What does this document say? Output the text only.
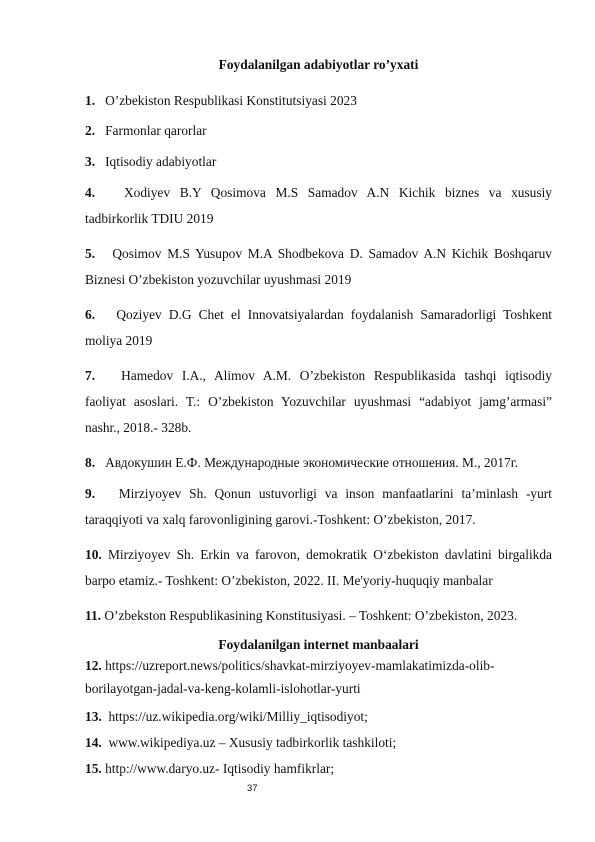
Foydalanilgan adabiyotlar ro’yxati
1. O’zbekiston Respublikasi Konstitutsiyasi 2023
2. Farmonlar qarorlar
3. Iqtisodiy adabiyotlar
4. Xodiyev B.Y Qosimova M.S Samadov A.N Kichik biznes va xususiy
tadbirkorlik TDIU 2019
5. Qosimov M.S Yusupov M.A Shodbekova D. Samadov A.N Kichik Boshqaruv
Biznesi O’zbekiston yozuvchilar uyushmasi 2019
6. Qoziyev D.G Chet el Innovatsiyalardan foydalanish Samaradorligi Toshkent
moliya 2019
7. Hamedov I.A., Alimov A.M. O’zbekiston Respublikasida tashqi iqtisodiy
faoliyat asoslari. T.: O’zbekiston Yozuvchilar uyushmasi “adabiyot jamg’armasi”
nashr., 2018.- 328b.
8. Авдокушин Е.Ф. Международные экономические отношения. М., 2017г.
9. Mirziyoyev Sh. Qonun ustuvorligi va inson manfaatlarini ta’minlash -yurt
taraqqiyoti va xalq farovonligining garovi.-Toshkent: O’zbekiston, 2017.
10. Mirziyoyev Sh. Erkin va farovon, demokratik O‘zbekiston davlatini birgalikda
barpo etamiz.- Toshkent: O’zbekiston, 2022. II. Me'yoriy-huquqiy manbalar
11. O’zbekston Respublikasining Konstitusiyasi. – Toshkent: O’zbekiston, 2023.
Foydalanilgan internet manbaalari
12. https://uzreport.news/politics/shavkat-mirziyoyev-mamlakatimizda-olib-
borilayotgan-jadal-va-keng-kolamli-islohotlar-yurti
13.  https://uz.wikipedia.org/wiki/Milliy_iqtisodiyot;
14.  www.wikipediya.uz – Xususiy tadbirkorlik tashkiloti;
15. http://www.daryo.uz- Iqtisodiy hamfikrlar;
37
